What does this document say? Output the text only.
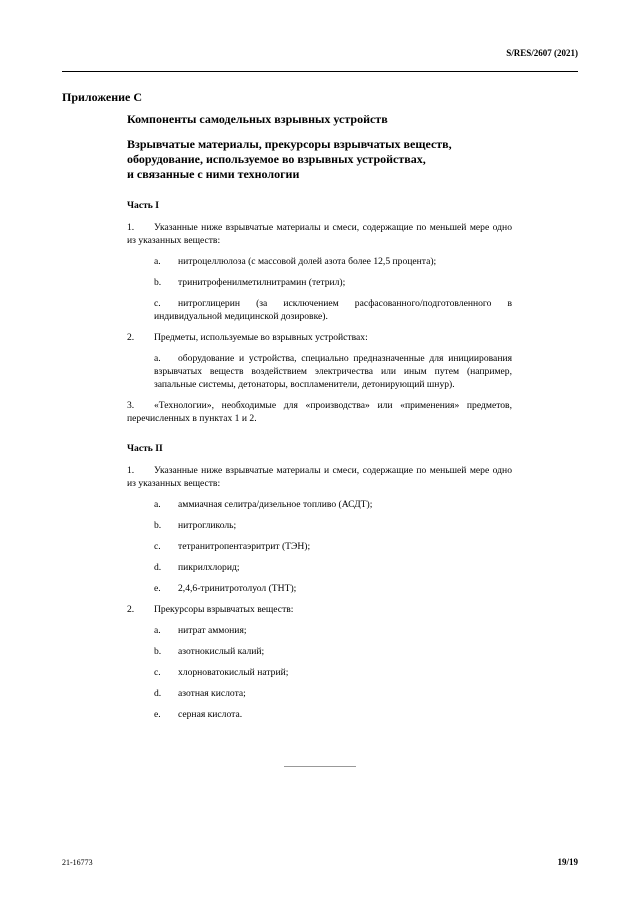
S/RES/2607 (2021)
Приложение C
Компоненты самодельных взрывных устройств
Взрывчатые материалы, прекурсоры взрывчатых веществ,
оборудование, используемое во взрывных устройствах,
и связанные с ними технологии
Часть I
1. Указанные ниже взрывчатые материалы и смеси, содержащие по меньшей мере одно из указанных веществ:
a. нитроцеллюлоза (с массовой долей азота более 12,5 процента);
b. тринитрофенилметилнитрамин (тетрил);
c. нитроглицерин (за исключением расфасованного/подготовленного в индивидуальной медицинской дозировке).
2. Предметы, используемые во взрывных устройствах:
a. оборудование и устройства, специально предназначенные для инициирования взрывчатых веществ воздействием электричества или иным путем (например, запальные системы, детонаторы, воспламенители, детонирующий шнур).
3. «Технологии», необходимые для «производства» или «применения» предметов, перечисленных в пунктах 1 и 2.
Часть II
1. Указанные ниже взрывчатые материалы и смеси, содержащие по меньшей мере одно из указанных веществ:
a. аммиачная селитра/дизельное топливо (АСДТ);
b. нитрогликоль;
c. тетранитропентаэритрит (ТЭН);
d. пикрилхлорид;
e. 2,4,6-тринитротолуол (ТНТ);
2. Прекурсоры взрывчатых веществ:
a. нитрат аммония;
b. азотнокислый калий;
c. хлорноватокислый натрий;
d. азотная кислота;
e. серная кислота.
21-16773	19/19
